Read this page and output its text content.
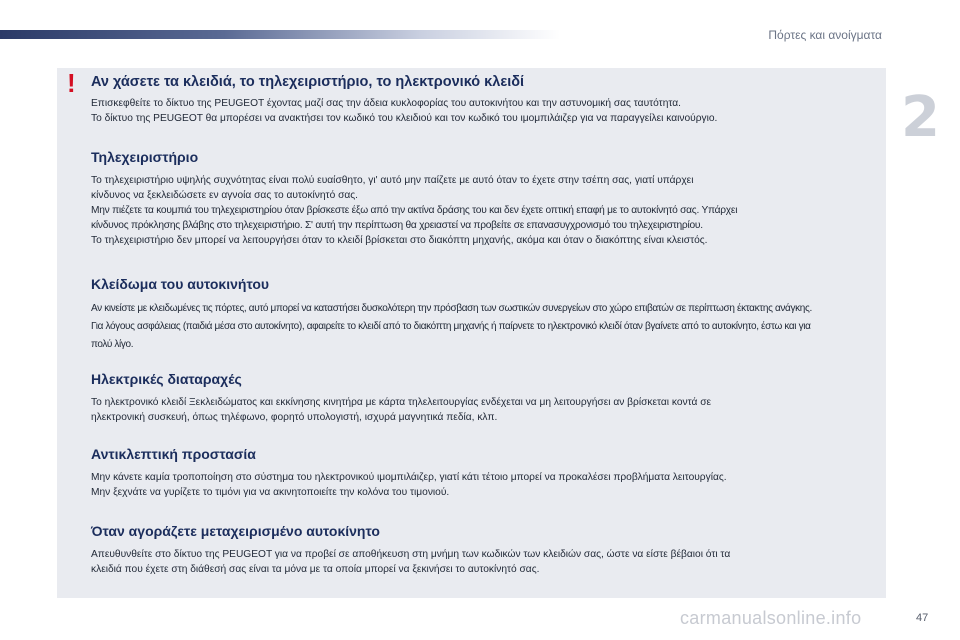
Πόρτες και ανοίγματα
2
! Αν χάσετε τα κλειδιά, το τηλεχειριστήριο, το ηλεκτρονικό κλειδί

Επισκεφθείτε το δίκτυο της PEUGEOT έχοντας μαζί σας την άδεια κυκλοφορίας του αυτοκινήτου και την αστυνομική σας ταυτότητα.

Το δίκτυο της PEUGEOT θα μπορέσει να ανακτήσει τον κωδικό του κλειδιού και τον κωδικό του ιμομπιλάιζερ για να παραγγείλει καινούργιο.

Τηλεχειριστήριο

Το τηλεχειριστήριο υψηλής συχνότητας είναι πολύ ευαίσθητο, γι' αυτό μην παίζετε με αυτό όταν το έχετε στην τσέπη σας, γιατί υπάρχει

κίνδυνος να ξεκλειδώσετε εν αγνοία σας το αυτοκίνητό σας.

Μην πιέζετε τα κουμπιά του τηλεχειριστηρίου όταν βρίσκεστε έξω από την ακτίνα δράσης του και δεν έχετε οπτική επαφή με το αυτοκίνητό σας. Υπάρχει

κίνδυνος πρόκλησης βλάβης στο τηλεχειριστήριο. Σ' αυτή την περίπτωση θα χρειαστεί να προβείτε σε επανασυγχρονισμό του τηλεχειριστηρίου.

Το τηλεχειριστήριο δεν μπορεί να λειτουργήσει όταν το κλειδί βρίσκεται στο διακόπτη μηχανής, ακόμα και όταν ο διακόπτης είναι κλειστός.

Κλείδωμα του αυτοκινήτου

Αν κινείστε με κλειδωμένες τις πόρτες, αυτό μπορεί να καταστήσει δυσκολότερη την πρόσβαση των σωστικών συνεργείων στο χώρο επιβατών σε περίπτωση έκτακτης ανάγκης.

Για λόγους ασφάλειας (παιδιά μέσα στο αυτοκίνητο), αφαιρείτε το κλειδί από το διακόπτη μηχανής ή παίρνετε το ηλεκτρονικό κλειδί όταν βγαίνετε από το αυτοκίνητο, έστω και για

πολύ λίγο.

Ηλεκτρικές διαταραχές

Το ηλεκτρονικό κλειδί Ξεκλειδώματος και εκκίνησης κινητήρα με κάρτα τηλελειτουργίας ενδέχεται να μη λειτουργήσει αν βρίσκεται κοντά σε

ηλεκτρονική συσκευή, όπως τηλέφωνο, φορητό υπολογιστή, ισχυρά μαγνητικά πεδία, κλπ.

Αντικλεπτική προστασία

Μην κάνετε καμία τροποποίηση στο σύστημα του ηλεκτρονικού ιμομπιλάιζερ, γιατί κάτι τέτοιο μπορεί να προκαλέσει προβλήματα λειτουργίας.

Μην ξεχνάτε να γυρίζετε το τιμόνι για να ακινητοποιείτε την κολόνα του τιμονιού.

Όταν αγοράζετε μεταχειρισμένο αυτοκίνητο

Απευθυνθείτε στο δίκτυο της PEUGEOT για να προβεί σε αποθήκευση στη μνήμη των κωδικών των κλειδιών σας, ώστε να είστε βέβαιοι ότι τα

κλειδιά που έχετε στη διάθεσή σας είναι τα μόνα με τα οποία μπορεί να ξεκινήσει το αυτοκίνητό σας.

carmanualsonline.info	47
